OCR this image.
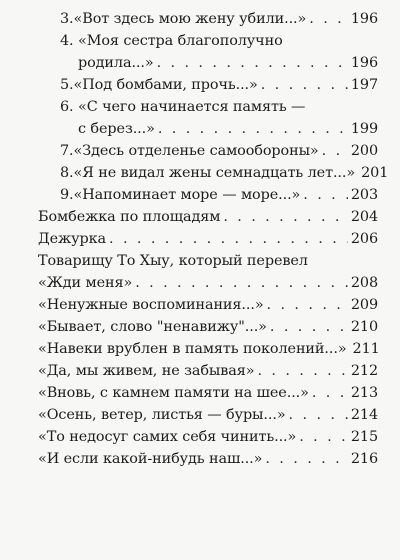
3. «Вот здесь мою жену убили...» . . .	196
4. «Моя сестра благополучно
родила...» . . .	196
5. «Под бомбами, прочь...» . . .	197
6. «С чего начинается память —
с берез...» . . .	199
7. «Здесь отделенье самообороны» . . . 200
8. «Я не видал жены семнадцать лет...» 201
9. «Напоминает море — море...» . . .	203
Бомбежка по площадям . . .	204
Дежурка . . .	206
Товарищу То Хыу, который перевел
«Жди меня» . . .	208
«Ненужные воспоминания...» . . .	209
«Бывает, слово "ненавижу"...» . . .	210
«Навеки врублен в память поколений...» 211
«Да, мы живем, не забывая» . . .	212
«Вновь, с камнем памяти на шее...» . . .	213
«Осень, ветер, листья — буры...» . . .	214
«То недосуг самих себя чинить...» . . .	215
«И если какой-нибудь наш...» . . .	216
